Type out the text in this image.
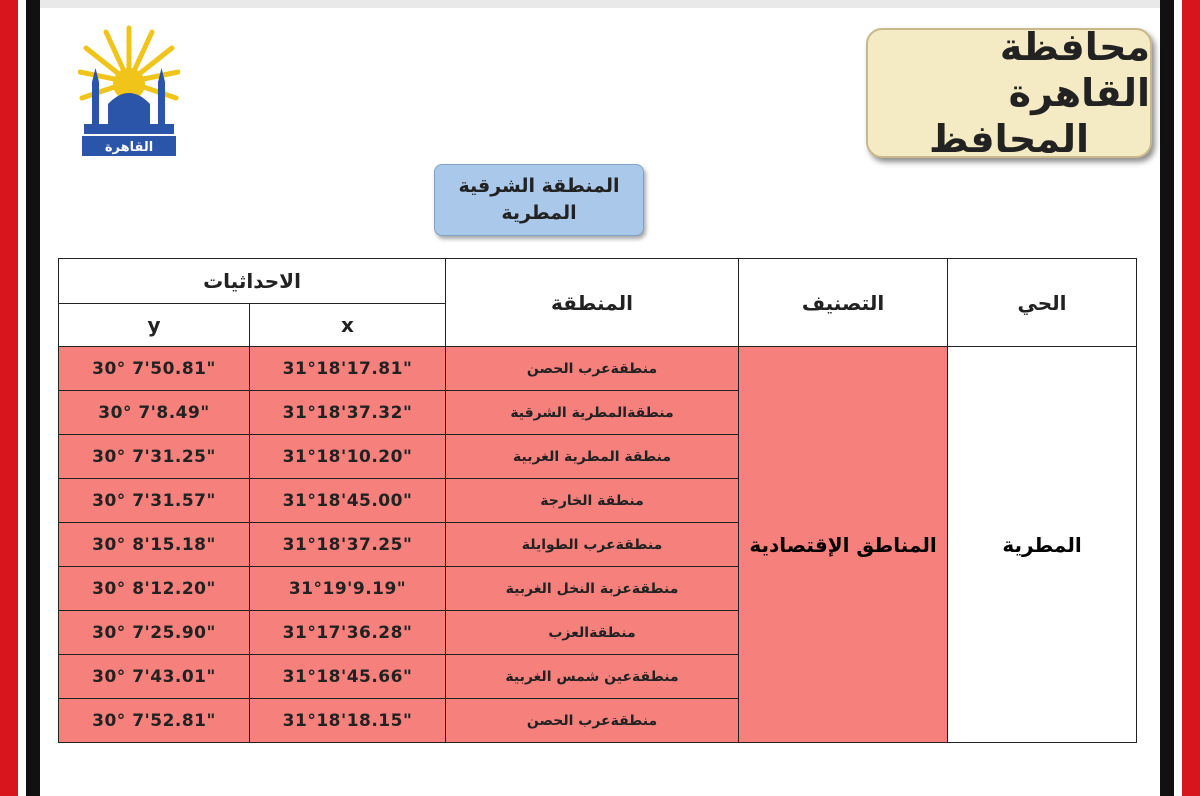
القاهرة
محافظة القاهرة
المحافظ
المنطقة الشرقية
المطرية
الاحداثيات		المنطقة	التصنيف	الحي
y	x			
30° 7'50.81"	31°18'17.81"	منطقةعرب الحصن	المناطق الإقتصادية	المطرية
30° 7'8.49"	31°18'37.32"	منطقةالمطرية الشرقية		
30° 7'31.25"	31°18'10.20"	منطقة المطرية الغربية		
30° 7'31.57"	31°18'45.00"	منطقة الخارجة		
30° 8'15.18"	31°18'37.25"	منطقةعرب الطوايلة		
30° 8'12.20"	31°19'9.19"	منطقةعزبة النخل الغربية		
30° 7'25.90"	31°17'36.28"	منطقةالعزب		
30° 7'43.01"	31°18'45.66"	منطقةعين شمس الغربية		
30° 7'52.81"	31°18'18.15"	منطقةعرب الحصن		
